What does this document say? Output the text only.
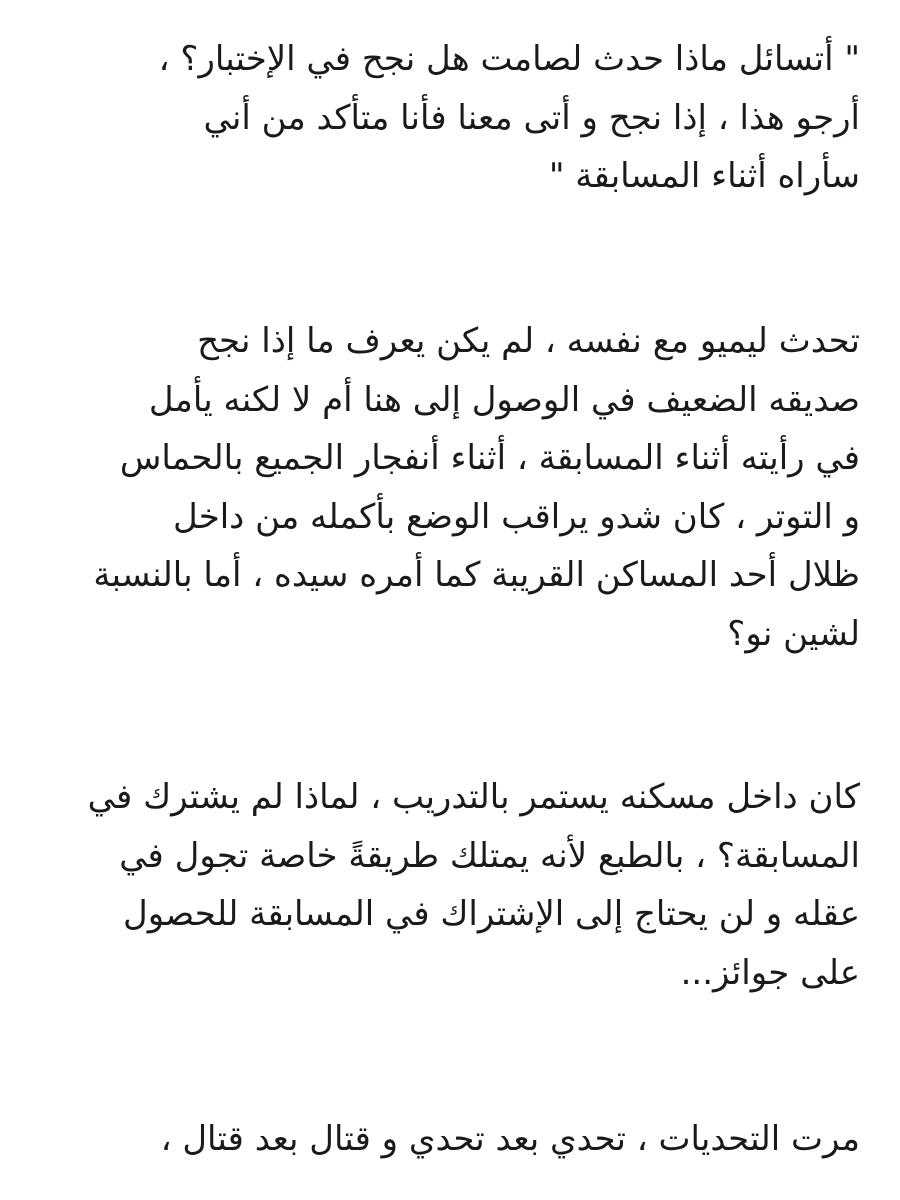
" أتسائل ماذا حدث لصامت هل نجح في الإختبار؟ ،
أرجو هذا ، إذا نجح و أتى معنا فأنا متأكد من أني
سأراه أثناء المسابقة "

تحدث ليميو مع نفسه ، لم يكن يعرف ما إذا نجح
صديقه الضعيف في الوصول إلى هنا أم لا لكنه يأمل
في رأيته أثناء المسابقة ، أثناء أنفجار الجميع بالحماس
و التوتر ، كان شدو يراقب الوضع بأكمله من داخل
ظلال أحد المساكن القريبة كما أمره سيده ، أما بالنسبة
لشين نو؟

كان داخل مسكنه يستمر بالتدريب ، لماذا لم يشترك في
المسابقة؟ ، بالطبع لأنه يمتلك طريقةً خاصة تجول في
عقله و لن يحتاج إلى الإشتراك في المسابقة للحصول
على جوائز...

مرت التحديات ، تحدي بعد تحدي و قتال بعد قتال ،
